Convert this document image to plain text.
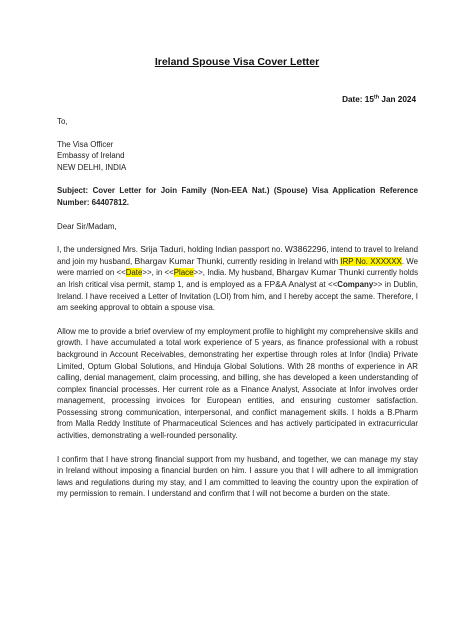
Ireland Spouse Visa Cover Letter
Date: 15th Jan 2024

To,

The Visa Officer
Embassy of Ireland
NEW DELHI, INDIA

Subject: Cover Letter for Join Family (Non-EEA Nat.) (Spouse) Visa Application Reference Number: 64407812.

Dear Sir/Madam,

I, the undersigned Mrs. Srija Taduri, holding Indian passport no. W3862296, intend to travel to Ireland and join my husband, Bhargav Kumar Thunki, currently residing in Ireland with IRP No. XXXXXX. We were married on <<Date>>, in <<Place>>, India. My husband, Bhargav Kumar Thunki currently holds an Irish critical visa permit, stamp 1, and is employed as a FP&A Analyst at <<Company>> in Dublin, Ireland. I have received a Letter of Invitation (LOI) from him, and I hereby accept the same. Therefore, I am seeking approval to obtain a spouse visa.

Allow me to provide a brief overview of my employment profile to highlight my comprehensive skills and growth. I have accumulated a total work experience of 5 years, as finance professional with a robust background in Account Receivables, demonstrating her expertise through roles at Infor (India) Private Limited, Optum Global Solutions, and Hinduja Global Solutions. With 28 months of experience in AR calling, denial management, claim processing, and billing, she has developed a keen understanding of complex financial processes. Her current role as a Finance Analyst, Associate at Infor involves order management, processing invoices for European entities, and ensuring customer satisfaction. Possessing strong communication, interpersonal, and conflict management skills. I holds a B.Pharm from Malla Reddy Institute of Pharmaceutical Sciences and has actively participated in extracurricular activities, demonstrating a well-rounded personality.

I confirm that I have strong financial support from my husband, and together, we can manage my stay in Ireland without imposing a financial burden on him. I assure you that I will adhere to all immigration laws and regulations during my stay, and I am committed to leaving the country upon the expiration of my permission to remain. I understand and confirm that I will not become a burden on the state.
